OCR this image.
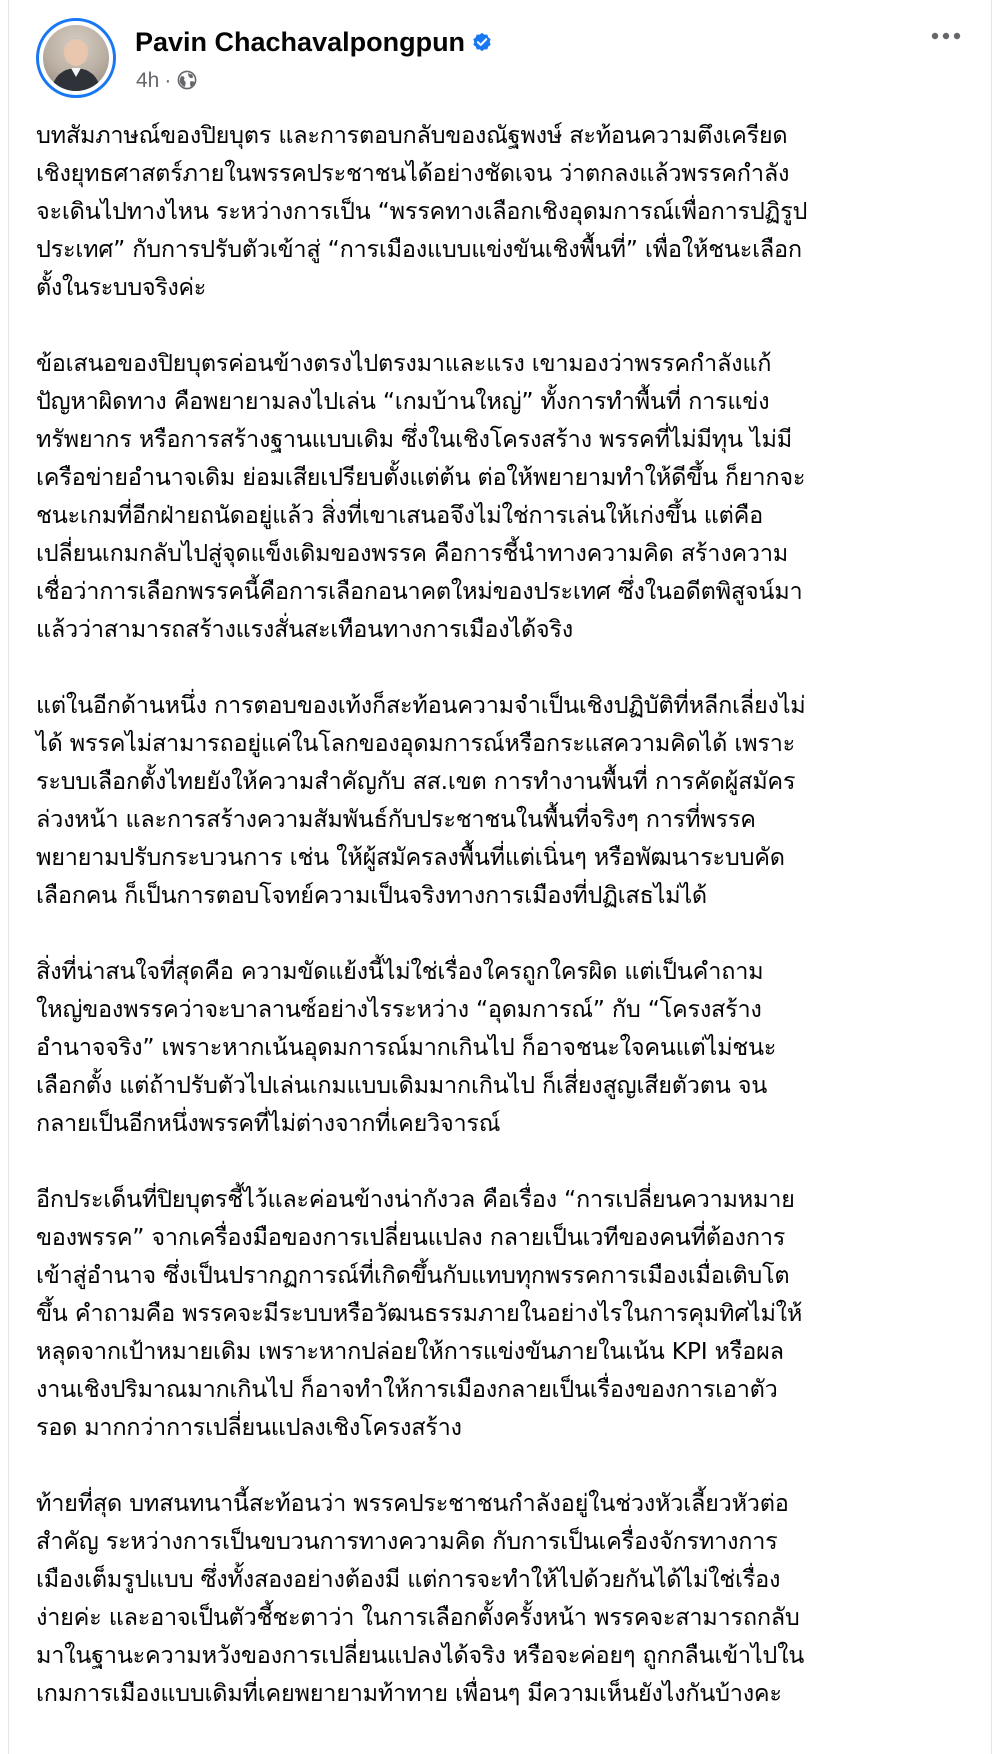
Pavin Chachavalpongpun
4h ·

บทสัมภาษณ์ของปิยบุตร และการตอบกลับของณัฐพงษ์ สะท้อนความตึงเครียด
เชิงยุทธศาสตร์ภายในพรรคประชาชนได้อย่างชัดเจน ว่าตกลงแล้วพรรคกำลัง
จะเดินไปทางไหน ระหว่างการเป็น “พรรคทางเลือกเชิงอุดมการณ์เพื่อการปฏิรูป
ประเทศ” กับการปรับตัวเข้าสู่ “การเมืองแบบแข่งขันเชิงพื้นที่” เพื่อให้ชนะเลือก
ตั้งในระบบจริงค่ะ

ข้อเสนอของปิยบุตรค่อนข้างตรงไปตรงมาและแรง เขามองว่าพรรคกำลังแก้
ปัญหาผิดทาง คือพยายามลงไปเล่น “เกมบ้านใหญ่” ทั้งการทำพื้นที่ การแข่ง
ทรัพยากร หรือการสร้างฐานแบบเดิม ซึ่งในเชิงโครงสร้าง พรรคที่ไม่มีทุน ไม่มี
เครือข่ายอำนาจเดิม ย่อมเสียเปรียบตั้งแต่ต้น ต่อให้พยายามทำให้ดีขึ้น ก็ยากจะ
ชนะเกมที่อีกฝ่ายถนัดอยู่แล้ว สิ่งที่เขาเสนอจึงไม่ใช่การเล่นให้เก่งขึ้น แต่คือ
เปลี่ยนเกมกลับไปสู่จุดแข็งเดิมของพรรค คือการชี้นำทางความคิด สร้างความ
เชื่อว่าการเลือกพรรคนี้คือการเลือกอนาคตใหม่ของประเทศ ซึ่งในอดีตพิสูจน์มา
แล้วว่าสามารถสร้างแรงสั่นสะเทือนทางการเมืองได้จริง

แต่ในอีกด้านหนึ่ง การตอบของเท้งก็สะท้อนความจำเป็นเชิงปฏิบัติที่หลีกเลี่ยงไม่
ได้ พรรคไม่สามารถอยู่แค่ในโลกของอุดมการณ์หรือกระแสความคิดได้ เพราะ
ระบบเลือกตั้งไทยยังให้ความสำคัญกับ สส.เขต การทำงานพื้นที่ การคัดผู้สมัคร
ล่วงหน้า และการสร้างความสัมพันธ์กับประชาชนในพื้นที่จริงๆ การที่พรรค
พยายามปรับกระบวนการ เช่น ให้ผู้สมัครลงพื้นที่แต่เนิ่นๆ หรือพัฒนาระบบคัด
เลือกคน ก็เป็นการตอบโจทย์ความเป็นจริงทางการเมืองที่ปฏิเสธไม่ได้

สิ่งที่น่าสนใจที่สุดคือ ความขัดแย้งนี้ไม่ใช่เรื่องใครถูกใครผิด แต่เป็นคำถาม
ใหญ่ของพรรคว่าจะบาลานซ์อย่างไรระหว่าง “อุดมการณ์” กับ “โครงสร้าง
อำนาจจริง” เพราะหากเน้นอุดมการณ์มากเกินไป ก็อาจชนะใจคนแต่ไม่ชนะ
เลือกตั้ง แต่ถ้าปรับตัวไปเล่นเกมแบบเดิมมากเกินไป ก็เสี่ยงสูญเสียตัวตน จน
กลายเป็นอีกหนึ่งพรรคที่ไม่ต่างจากที่เคยวิจารณ์

อีกประเด็นที่ปิยบุตรชี้ไว้และค่อนข้างน่ากังวล คือเรื่อง “การเปลี่ยนความหมาย
ของพรรค” จากเครื่องมือของการเปลี่ยนแปลง กลายเป็นเวทีของคนที่ต้องการ
เข้าสู่อำนาจ ซึ่งเป็นปรากฏการณ์ที่เกิดขึ้นกับแทบทุกพรรคการเมืองเมื่อเติบโต
ขึ้น คำถามคือ พรรคจะมีระบบหรือวัฒนธรรมภายในอย่างไรในการคุมทิศไม่ให้
หลุดจากเป้าหมายเดิม เพราะหากปล่อยให้การแข่งขันภายในเน้น KPI หรือผล
งานเชิงปริมาณมากเกินไป ก็อาจทำให้การเมืองกลายเป็นเรื่องของการเอาตัว
รอด มากกว่าการเปลี่ยนแปลงเชิงโครงสร้าง

ท้ายที่สุด บทสนทนานี้สะท้อนว่า พรรคประชาชนกำลังอยู่ในช่วงหัวเลี้ยวหัวต่อ
สำคัญ ระหว่างการเป็นขบวนการทางความคิด กับการเป็นเครื่องจักรทางการ
เมืองเต็มรูปแบบ ซึ่งทั้งสองอย่างต้องมี แต่การจะทำให้ไปด้วยกันได้ไม่ใช่เรื่อง
ง่ายค่ะ และอาจเป็นตัวชี้ชะตาว่า ในการเลือกตั้งครั้งหน้า พรรคจะสามารถกลับ
มาในฐานะความหวังของการเปลี่ยนแปลงได้จริง หรือจะค่อยๆ ถูกกลืนเข้าไปใน
เกมการเมืองแบบเดิมที่เคยพยายามท้าทาย เพื่อนๆ มีความเห็นยังไงกันบ้างคะ
